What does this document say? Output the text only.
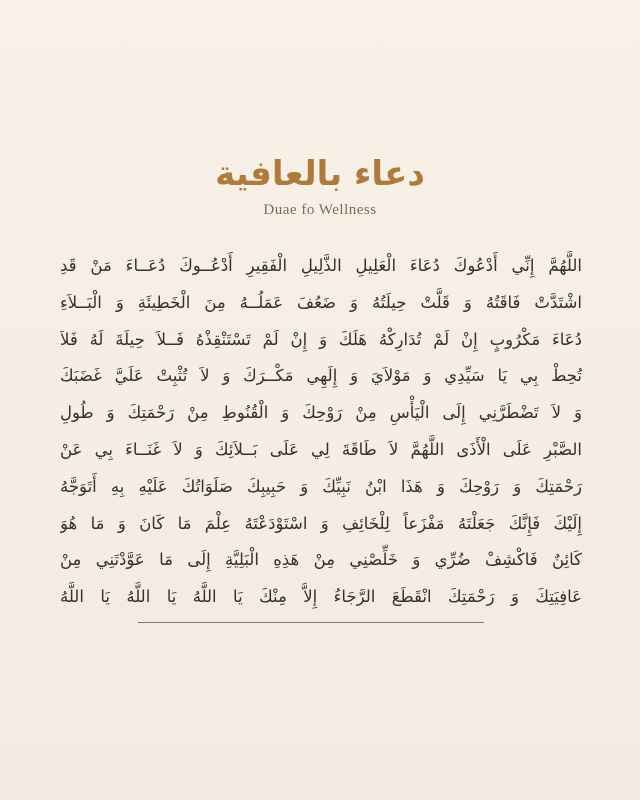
دعاء بالعافية
Duae fo Wellness
اللَّهُمَّ إِنِّي أَدْعُوكَ دُعَاءَ الْعَلِيلِ الذَّلِيلِ الْفَقِيرِ أَدْعُــوكَ دُعَــاءَ مَنْ قَدِ
اشْتَدَّتْ فَاقَتُهُ وَ قَلَّتْ حِيلَتُهُ وَ ضَعُفَ عَمَلُــهُ مِنَ الْخَطِيئَةِ وَ الْبَــلاَءِ
دُعَاءَ مَكْرُوبٍ إِنْ لَمْ تُدَارِكْهُ هَلَكَ وَ إِنْ لَمْ تَسْتَنْقِذْهُ فَــلاَ حِيلَةَ لَهُ فَلاَ
تُحِطْ بِي يَا سَيِّدِي وَ مَوْلاَيَ وَ إِلَهِي مَكْــرَكَ وَ لاَ تُثْبِتْ عَلَيَّ غَضَبَكَ
وَ لاَ تَضْطَرَّنِي إِلَى الْيَأْسِ مِنْ رَوْحِكَ وَ الْقُنُوطِ مِنْ رَحْمَتِكَ وَ طُولِ
الصَّبْرِ عَلَى الْأَذَى اللَّهُمَّ لاَ طَاقَةَ لِي عَلَى بَــلاَئِكَ وَ لاَ غَنَــاءَ بِي عَنْ
رَحْمَتِكَ وَ رَوْحِكَ وَ هَذَا ابْنُ نَبِيِّكَ وَ حَبِيبِكَ صَلَوَاتُكَ عَلَيْهِ بِهِ أَتَوَجَّهُ
إِلَيْكَ فَإِنَّكَ جَعَلْتَهُ مَفْزَعاً لِلْخَائِفِ وَ اسْتَوْدَعْتَهُ عِلْمَ مَا كَانَ وَ مَا هُوَ
كَائِنٌ فَاكْشِفْ ضُرِّي وَ خَلِّصْنِي مِنْ هَذِهِ الْبَلِيَّةِ إِلَى مَا عَوَّدْتَنِي مِنْ
عَافِيَتِكَ وَ رَحْمَتِكَ انْقَطَعَ الرَّجَاءُ إِلاَّ مِنْكَ يَا اللَّهُ يَا اللَّهُ يَا اللَّهُ
